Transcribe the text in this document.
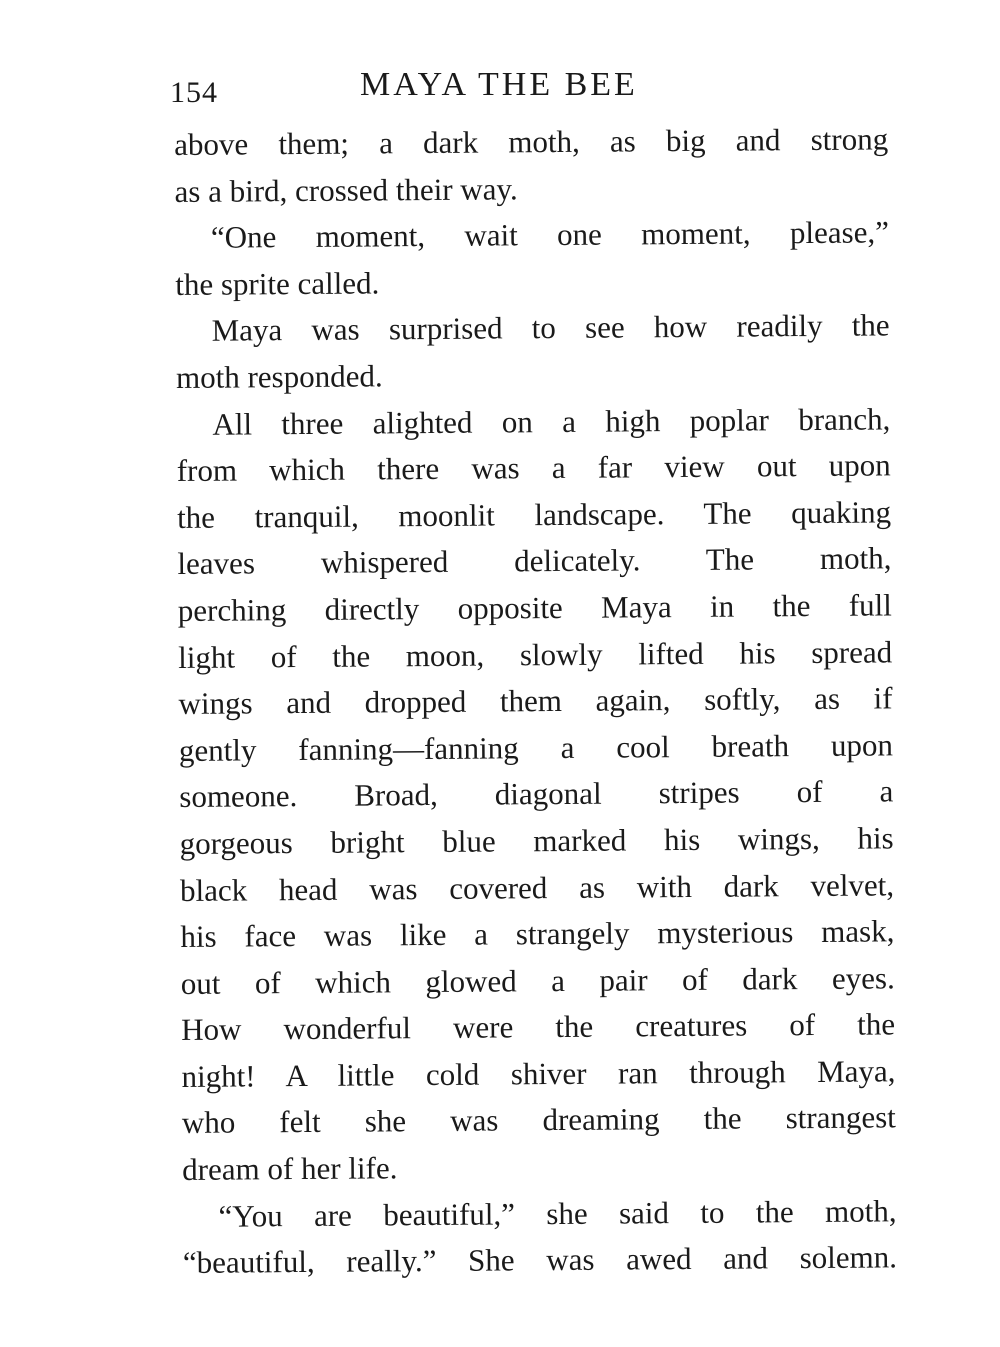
154	MAYA THE BEE
above them; a dark moth, as big and strong
as a bird, crossed their way.
“One moment, wait one moment, please,”
the sprite called.
Maya was surprised to see how readily the
moth responded.
All three alighted on a high poplar branch,
from which there was a far view out upon
the tranquil, moonlit landscape. The quaking
leaves whispered delicately. The moth,
perching directly opposite Maya in the full
light of the moon, slowly lifted his spread
wings and dropped them again, softly, as if
gently fanning—fanning a cool breath upon
someone. Broad, diagonal stripes of a
gorgeous bright blue marked his wings, his
black head was covered as with dark velvet,
his face was like a strangely mysterious mask,
out of which glowed a pair of dark eyes.
How wonderful were the creatures of the
night! A little cold shiver ran through Maya,
who felt she was dreaming the strangest
dream of her life.
“You are beautiful,” she said to the moth,
“beautiful, really.” She was awed and solemn.
